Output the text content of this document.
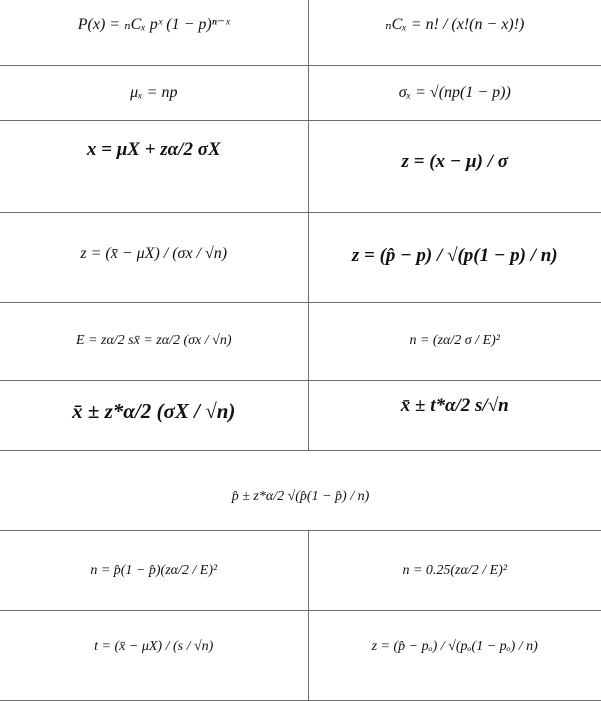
P(x) = ₙCₓ pˣ (1 − p)ⁿ⁻ˣ	ₙCₓ = n! / (x!(n − x)!)

μₓ = np	σₓ = √(np(1 − p))

x = μX + zα/2 σX	z = (x − μ) / σ

z = (x̄ − μX) / (σx / √n)	z = (p̂ − p) / √(p(1 − p) / n)

E = zα/2 sx̄ = zα/2 (σx / √n)	n = (zα/2 σ / E)²

x̄ ± z*α/2 (σX / √n)	x̄ ± t*α/2 s/√n

p̂ ± z*α/2 √(p̂(1 − p̂) / n)	

n = p̂(1 − p̂)(zα/2 / E)²	n = 0.25(zα/2 / E)²

t = (x̄ − μX) / (s / √n)	z = (p̂ − pₒ) / √(pₒ(1 − pₒ) / n)
